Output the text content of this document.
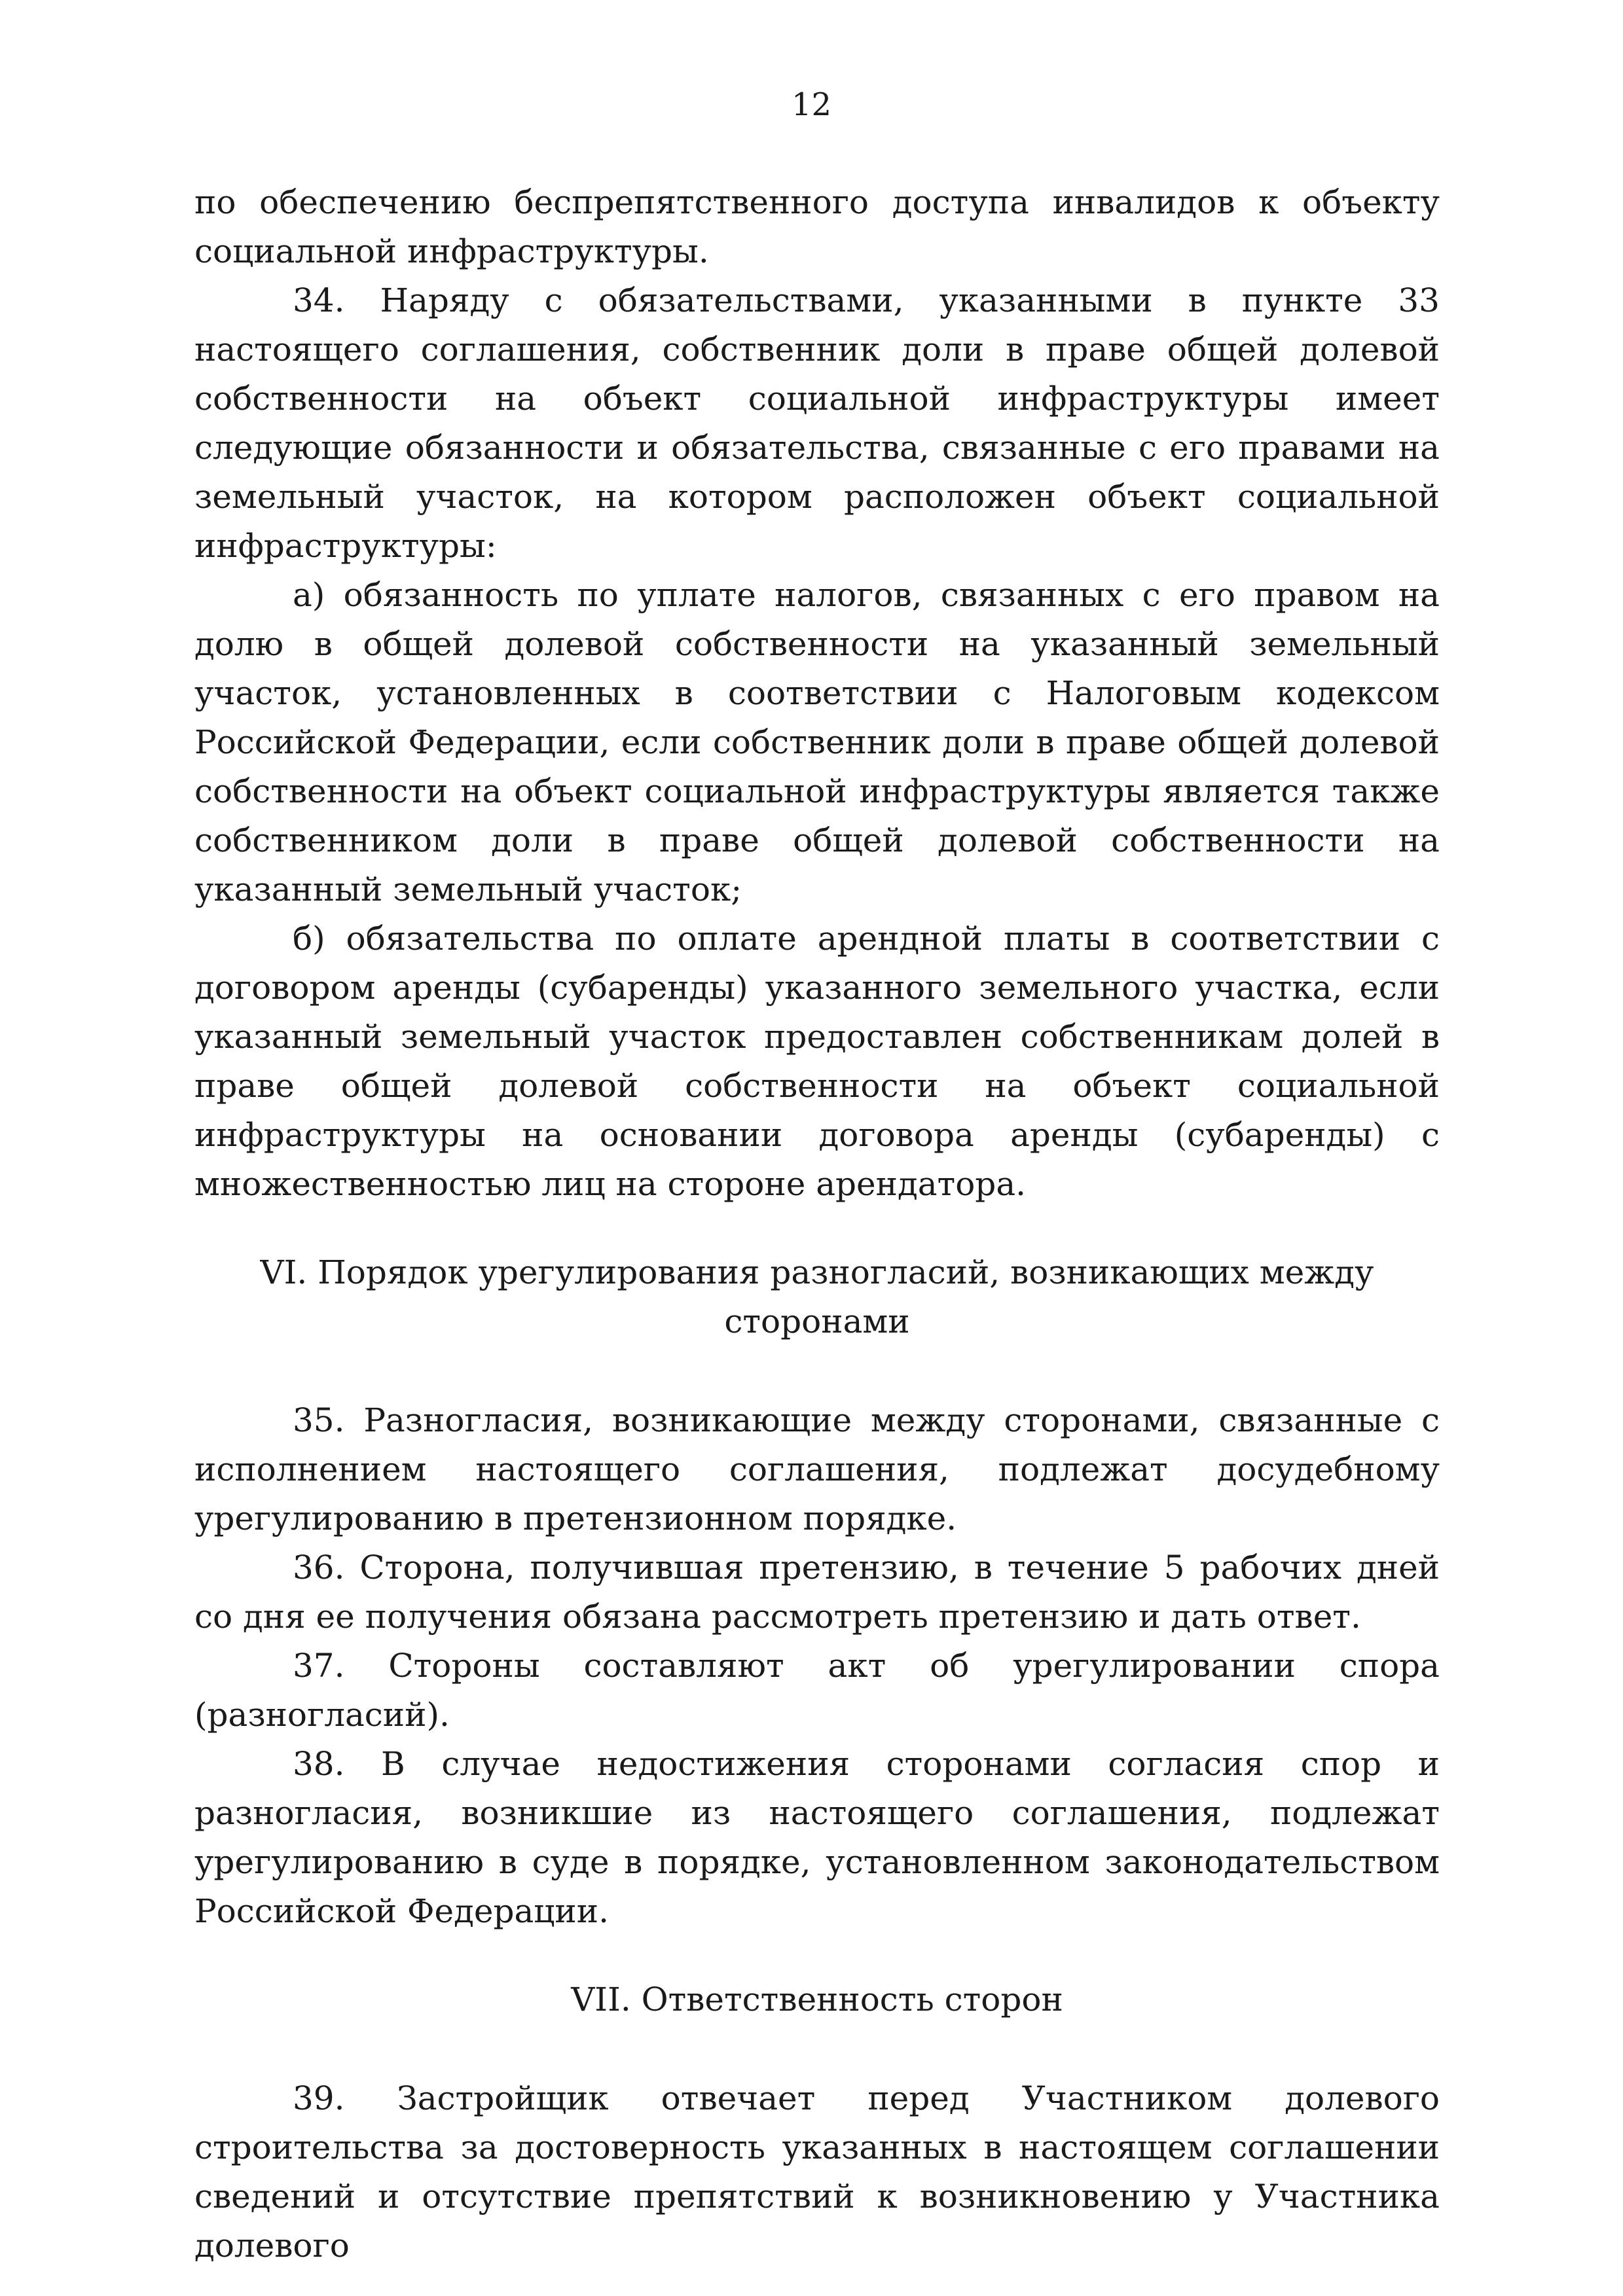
12

по обеспечению беспрепятственного доступа инвалидов к объекту социальной инфраструктуры.

34. Наряду с обязательствами, указанными в пункте 33 настоящего соглашения, собственник доли в праве общей долевой собственности на объект социальной инфраструктуры имеет следующие обязанности и обязательства, связанные с его правами на земельный участок, на котором расположен объект социальной инфраструктуры:

а) обязанность по уплате налогов, связанных с его правом на долю в общей долевой собственности на указанный земельный участок, установленных в соответствии с Налоговым кодексом Российской Федерации, если собственник доли в праве общей долевой собственности на объект социальной инфраструктуры является также собственником доли в праве общей долевой собственности на указанный земельный участок;

б) обязательства по оплате арендной платы в соответствии с договором аренды (субаренды) указанного земельного участка, если указанный земельный участок предоставлен собственникам долей в праве общей долевой собственности на объект социальной инфраструктуры на основании договора аренды (субаренды) с множественностью лиц на стороне арендатора.

VI. Порядок урегулирования разногласий, возникающих между сторонами

35. Разногласия, возникающие между сторонами, связанные с исполнением настоящего соглашения, подлежат досудебному урегулированию в претензионном порядке.

36. Сторона, получившая претензию, в течение 5 рабочих дней со дня ее получения обязана рассмотреть претензию и дать ответ.

37. Стороны составляют акт об урегулировании спора (разногласий).

38. В случае недостижения сторонами согласия спор и разногласия, возникшие из настоящего соглашения, подлежат урегулированию в суде в порядке, установленном законодательством Российской Федерации.

VII. Ответственность сторон

39. Застройщик отвечает перед Участником долевого строительства за достоверность указанных в настоящем соглашении сведений и отсутствие препятствий к возникновению у Участника долевого
